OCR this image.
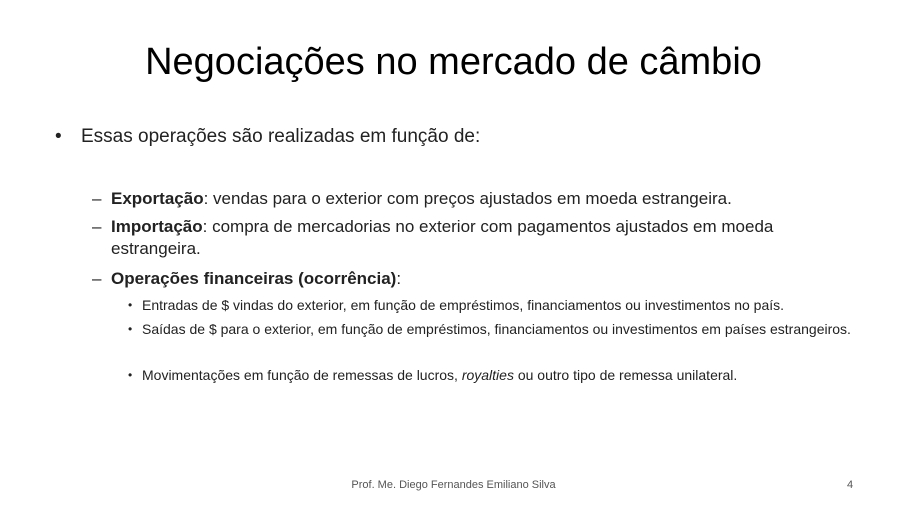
Negociações no mercado de câmbio
• Essas operações são realizadas em função de:
– Exportação: vendas para o exterior com preços ajustados em moeda estrangeira.
– Importação: compra de mercadorias no exterior com pagamentos ajustados em moeda estrangeira.
– Operações financeiras (ocorrência):
• Entradas de $ vindas do exterior, em função de empréstimos, financiamentos ou investimentos no país.
• Saídas de $ para o exterior, em função de empréstimos, financiamentos ou investimentos em países estrangeiros.
• Movimentações em função de remessas de lucros, royalties ou outro tipo de remessa unilateral.
Prof. Me. Diego Fernandes Emiliano Silva	4
